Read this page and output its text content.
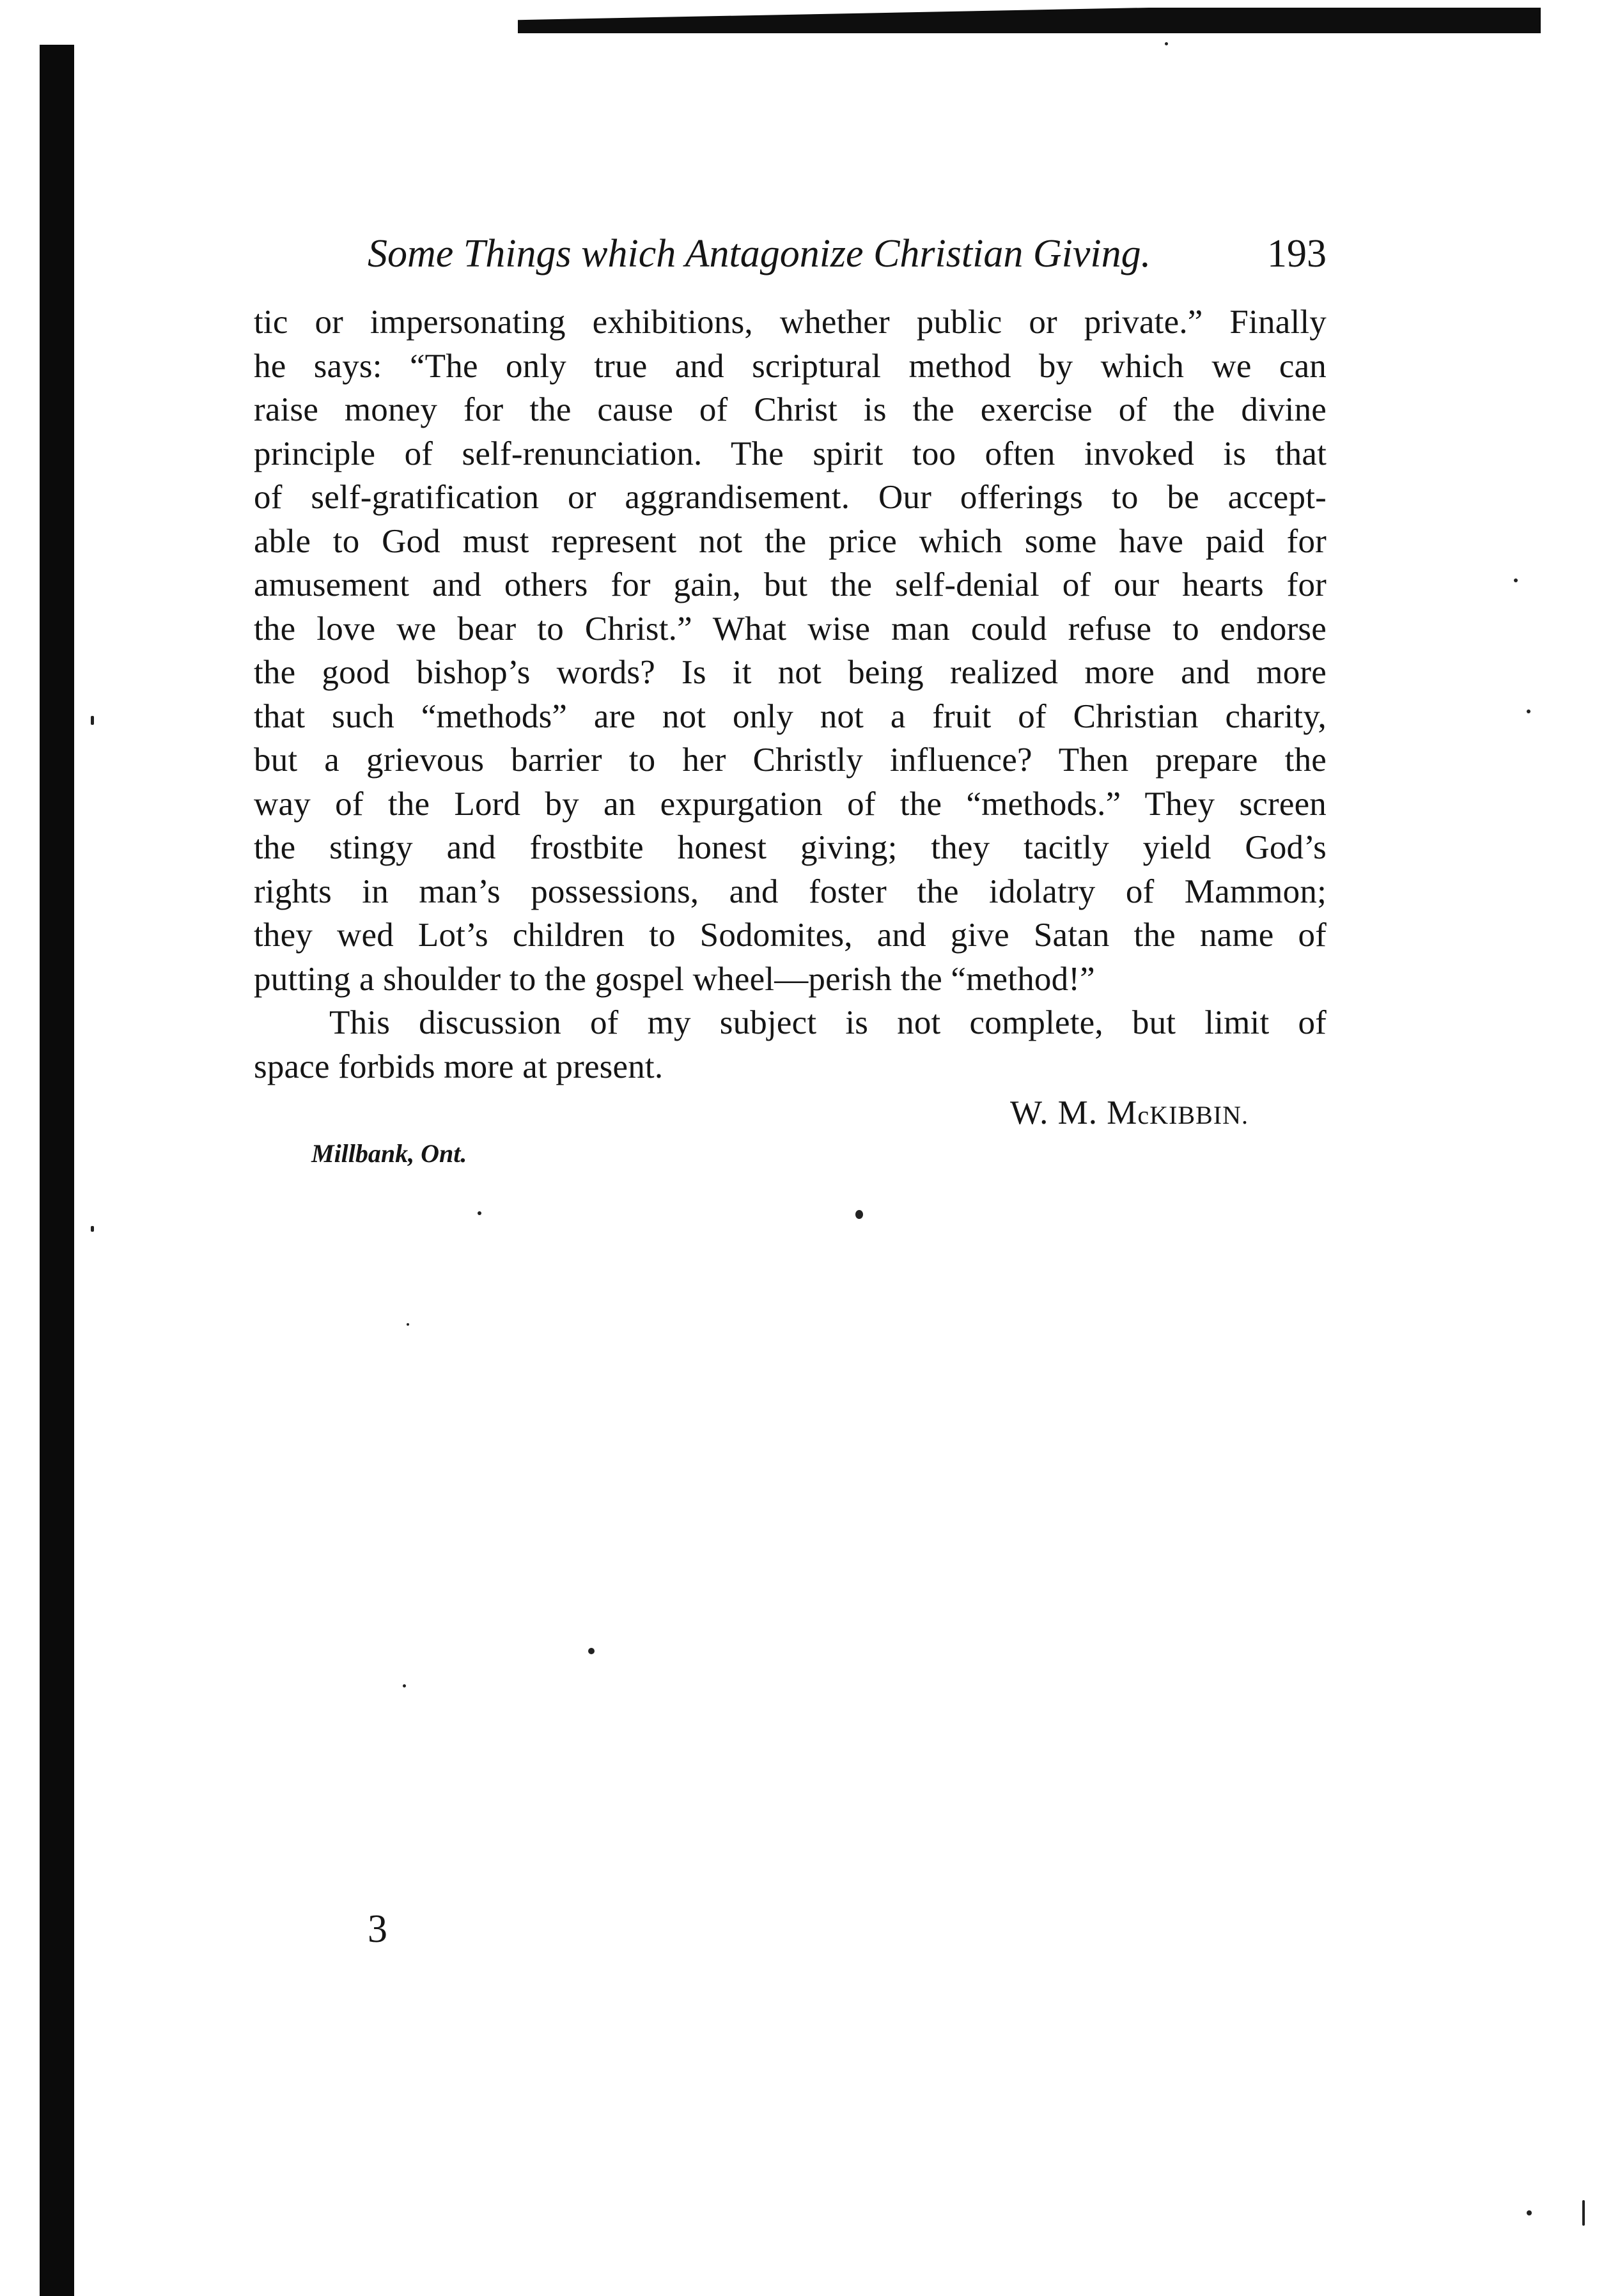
Some Things which Antagonize Christian Giving.	193
tic or impersonating exhibitions, whether public or private.” Finally
he says: “The only true and scriptural method by which we can
raise money for the cause of Christ is the exercise of the divine
principle of self-renunciation. The spirit too often invoked is that
of self-gratification or aggrandisement. Our offerings to be accept-
able to God must represent not the price which some have paid for
amusement and others for gain, but the self-denial of our hearts for
the love we bear to Christ.” What wise man could refuse to endorse
the good bishop’s words? Is it not being realized more and more
that such “methods” are not only not a fruit of Christian charity,
but a grievous barrier to her Christly influence? Then prepare the
way of the Lord by an expurgation of the “methods.” They screen
the stingy and frostbite honest giving; they tacitly yield God’s
rights in man’s possessions, and foster the idolatry of Mammon;
they wed Lot’s children to Sodomites, and give Satan the name of
putting a shoulder to the gospel wheel—perish the “method!”
This discussion of my subject is not complete, but limit of
space forbids more at present.
W. M. McKIBBIN.
Millbank, Ont.
3
